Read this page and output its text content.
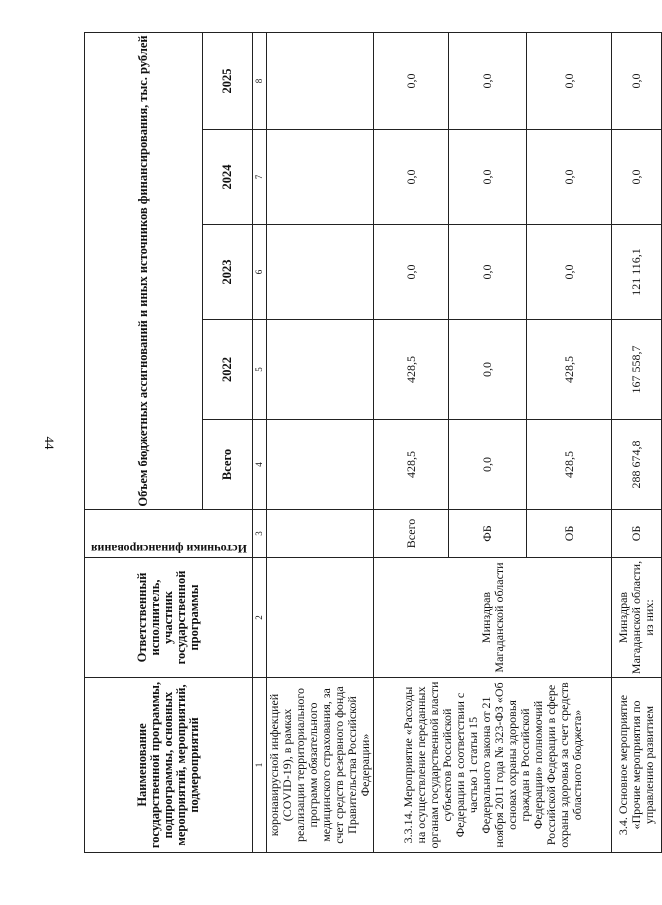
44
Наименование государственной программы, подпрограммы, основных мероприятий, мероприятий, подмероприятий	Ответственный исполнитель, участник государственной программы	Источники финансирования	Объем бюджетных ассигнований и иных источников финансирования, тыс. рублей				
			Всего	2022	2023	2024	2025
1	2	3	4	5	6	7	8
коронавирусной инфекцией (COVID-19), в рамках реализации территориального программ обязательного медицинского страхования, за счет средств резервного фонда Правительства Российской Федерации»							
3.3.14. Мероприятие «Расходы на осуществление переданных органам государственной власти субъектов Российской Федерации в соответствии с частью 1 статьи 15 Федерального закона от 21 ноября 2011 года № 323-ФЗ «Об основах охраны здоровья граждан в Российской Федерации» полномочий Российской Федерации в сфере охраны здоровья за счет средств областного бюджета»	Минздрав Магаданской области	Всего	428,5	428,5	0,0	0,0	0,0
		ФБ	0,0	0,0	0,0	0,0	0,0
		ОБ	428,5	428,5	0,0	0,0	0,0
3.4. Основное мероприятие «Прочие мероприятия по управлению развитием	Минздрав Магаданской области, из них:	ОБ	288 674,8	167 558,7	121 116,1	0,0	0,0
